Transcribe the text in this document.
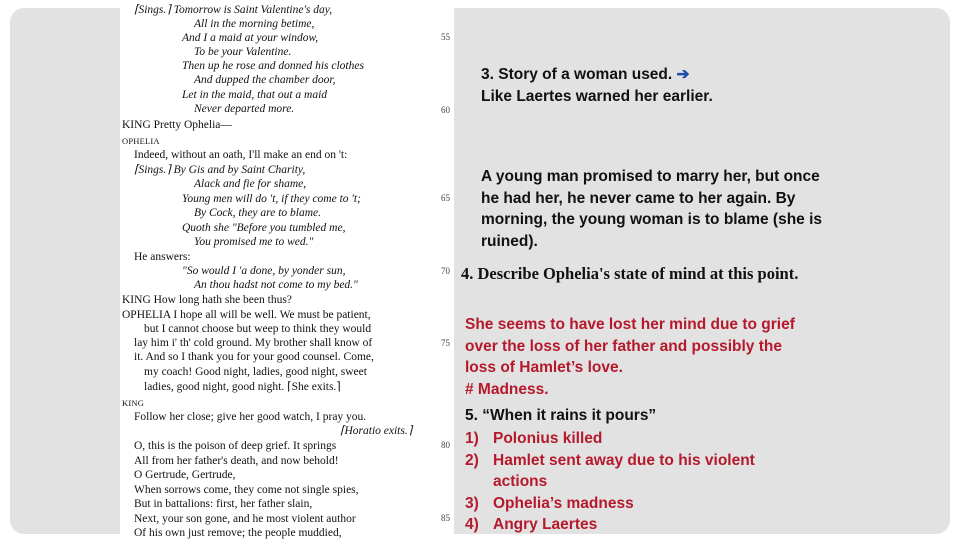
⌈Sings.⌉ Tomorrow is Saint Valentine's day,
All in the morning betime,
And I a maid at your window,
To be your Valentine.
Then up he rose and donned his clothes
And dupped the chamber door,
Let in the maid, that out a maid
Never departed more.
KING Pretty Ophelia—
OPHELIA
Indeed, without an oath, I'll make an end on 't:
⌈Sings.⌉ By Gis and by Saint Charity,
Alack and fie for shame,
Young men will do 't, if they come to 't;
By Cock, they are to blame.
Quoth she "Before you tumbled me,
You promised me to wed."
He answers:
"So would I 'a done, by yonder sun,
An thou hadst not come to my bed."
KING How long hath she been thus?
OPHELIA I hope all will be well. We must be patient,
but I cannot choose but weep to think they would
lay him i' th' cold ground. My brother shall know of
it. And so I thank you for your good counsel. Come,
my coach! Good night, ladies, good night, sweet
ladies, good night, good night. ⌈She exits.⌉
KING
Follow her close; give her good watch, I pray you.
⌈Horatio exits.⌉
O, this is the poison of deep grief. It springs
All from her father's death, and now behold!
O Gertrude, Gertrude,
When sorrows come, they come not single spies,
But in battalions: first, her father slain,
Next, your son gone, and he most violent author
Of his own just remove; the people muddied,
55
60
65
70
75
80
85
3. Story of a woman used. ➔
Like Laertes warned her earlier.
A young man promised to marry her, but once he had her, he never came to her again. By morning, the young woman is to blame (she is ruined).
4. Describe Ophelia's state of mind at this point.
She seems to have lost her mind due to grief over the loss of her father and possibly the loss of Hamlet’s love.
# Madness.
5. “When it rains it pours”
1) Polonius killed
2) Hamlet sent away due to his violent actions
3) Ophelia’s madness
4) Angry Laertes
